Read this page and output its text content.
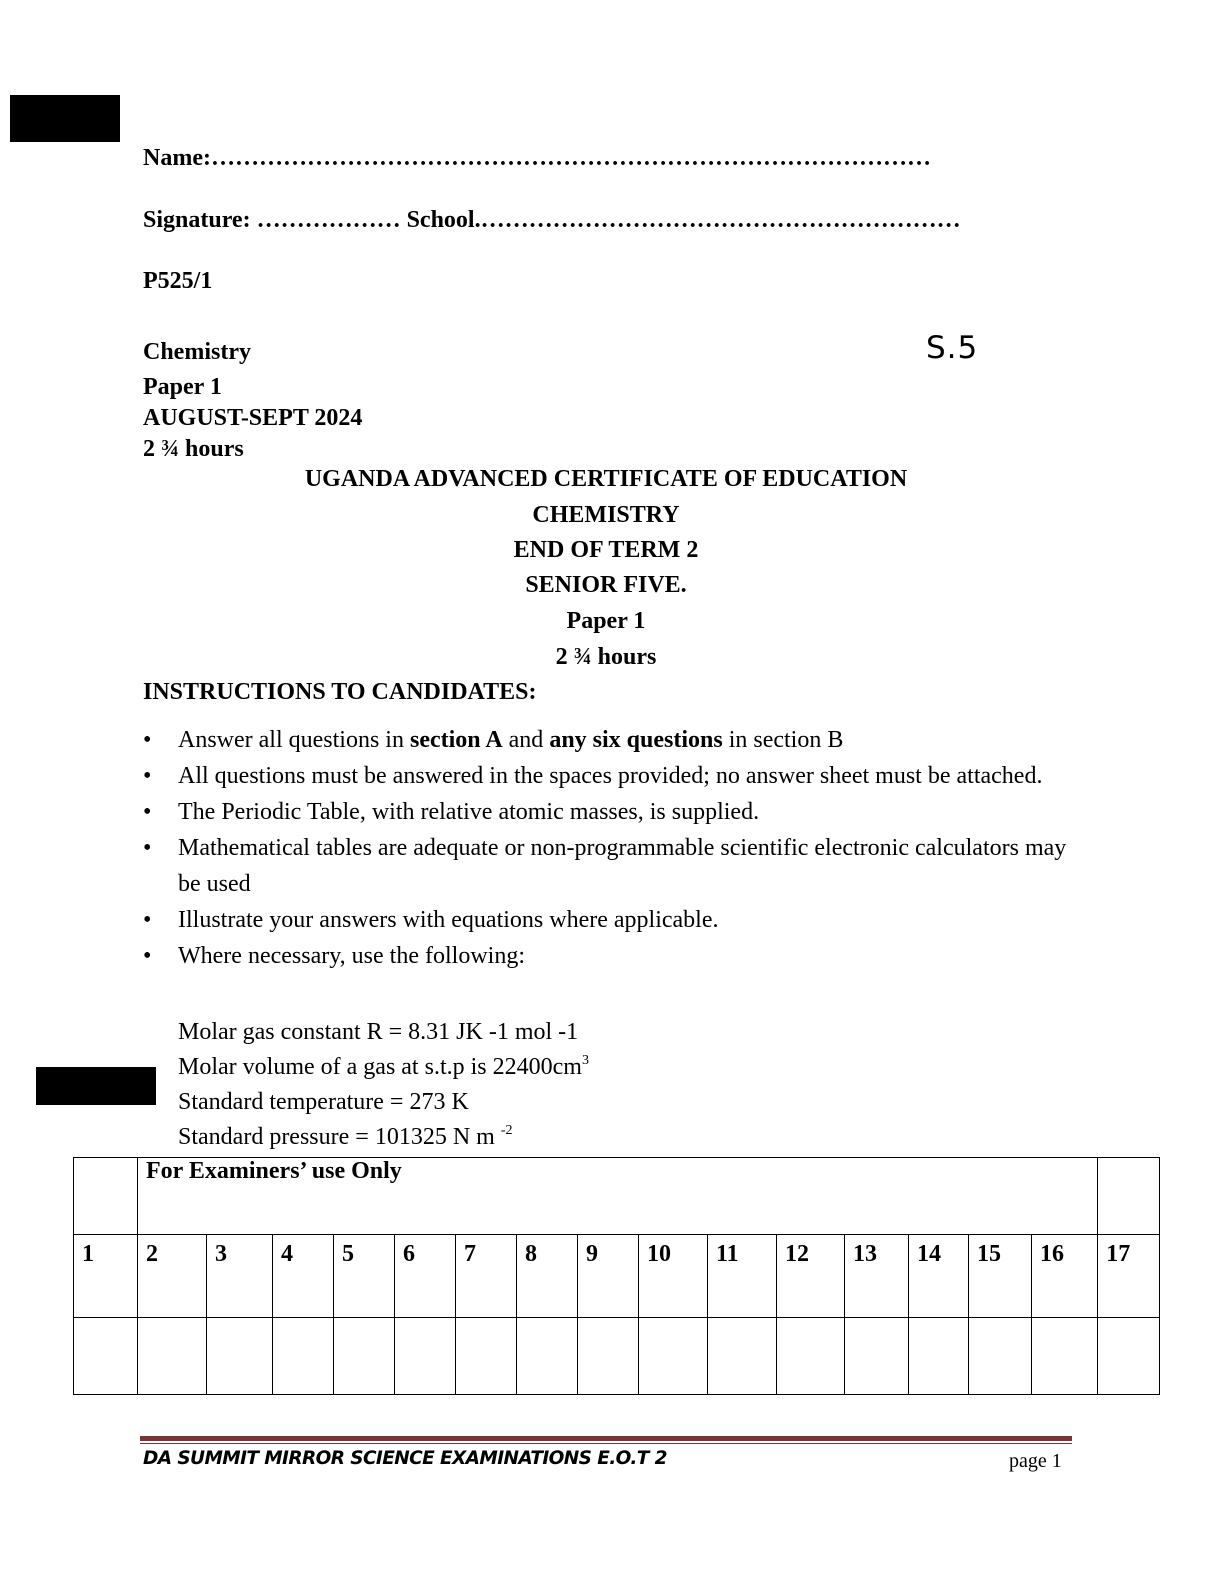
Name:………………………………………………………………………………
Signature: ……………… School.……………………………………………………
P525/1
Chemistry	S.5
Paper 1
AUGUST-SEPT 2024
2 ¾ hours
UGANDA ADVANCED CERTIFICATE OF EDUCATION
CHEMISTRY
END OF TERM 2
SENIOR FIVE.
Paper 1
2 ¾ hours
INSTRUCTIONS TO CANDIDATES:
• Answer all questions in section A and any six questions in section B
• All questions must be answered in the spaces provided; no answer sheet must be attached.
• The Periodic Table, with relative atomic masses, is supplied.
• Mathematical tables are adequate or non-programmable scientific electronic calculators may be used
• Illustrate your answers with equations where applicable.
• Where necessary, use the following:
Molar gas constant R = 8.31 JK -1 mol -1
Molar volume of a gas at s.t.p is $22400cm^3$
Standard temperature = 273 K
Standard pressure = 101325 N m $^{-2}$
	For Examiners’ use Only															
1	2	3	4	5	6	7	8	9	10	11	12	13	14	15	16	17

DA SUMMIT MIRROR SCIENCE EXAMINATIONS E.O.T 2	page 1
